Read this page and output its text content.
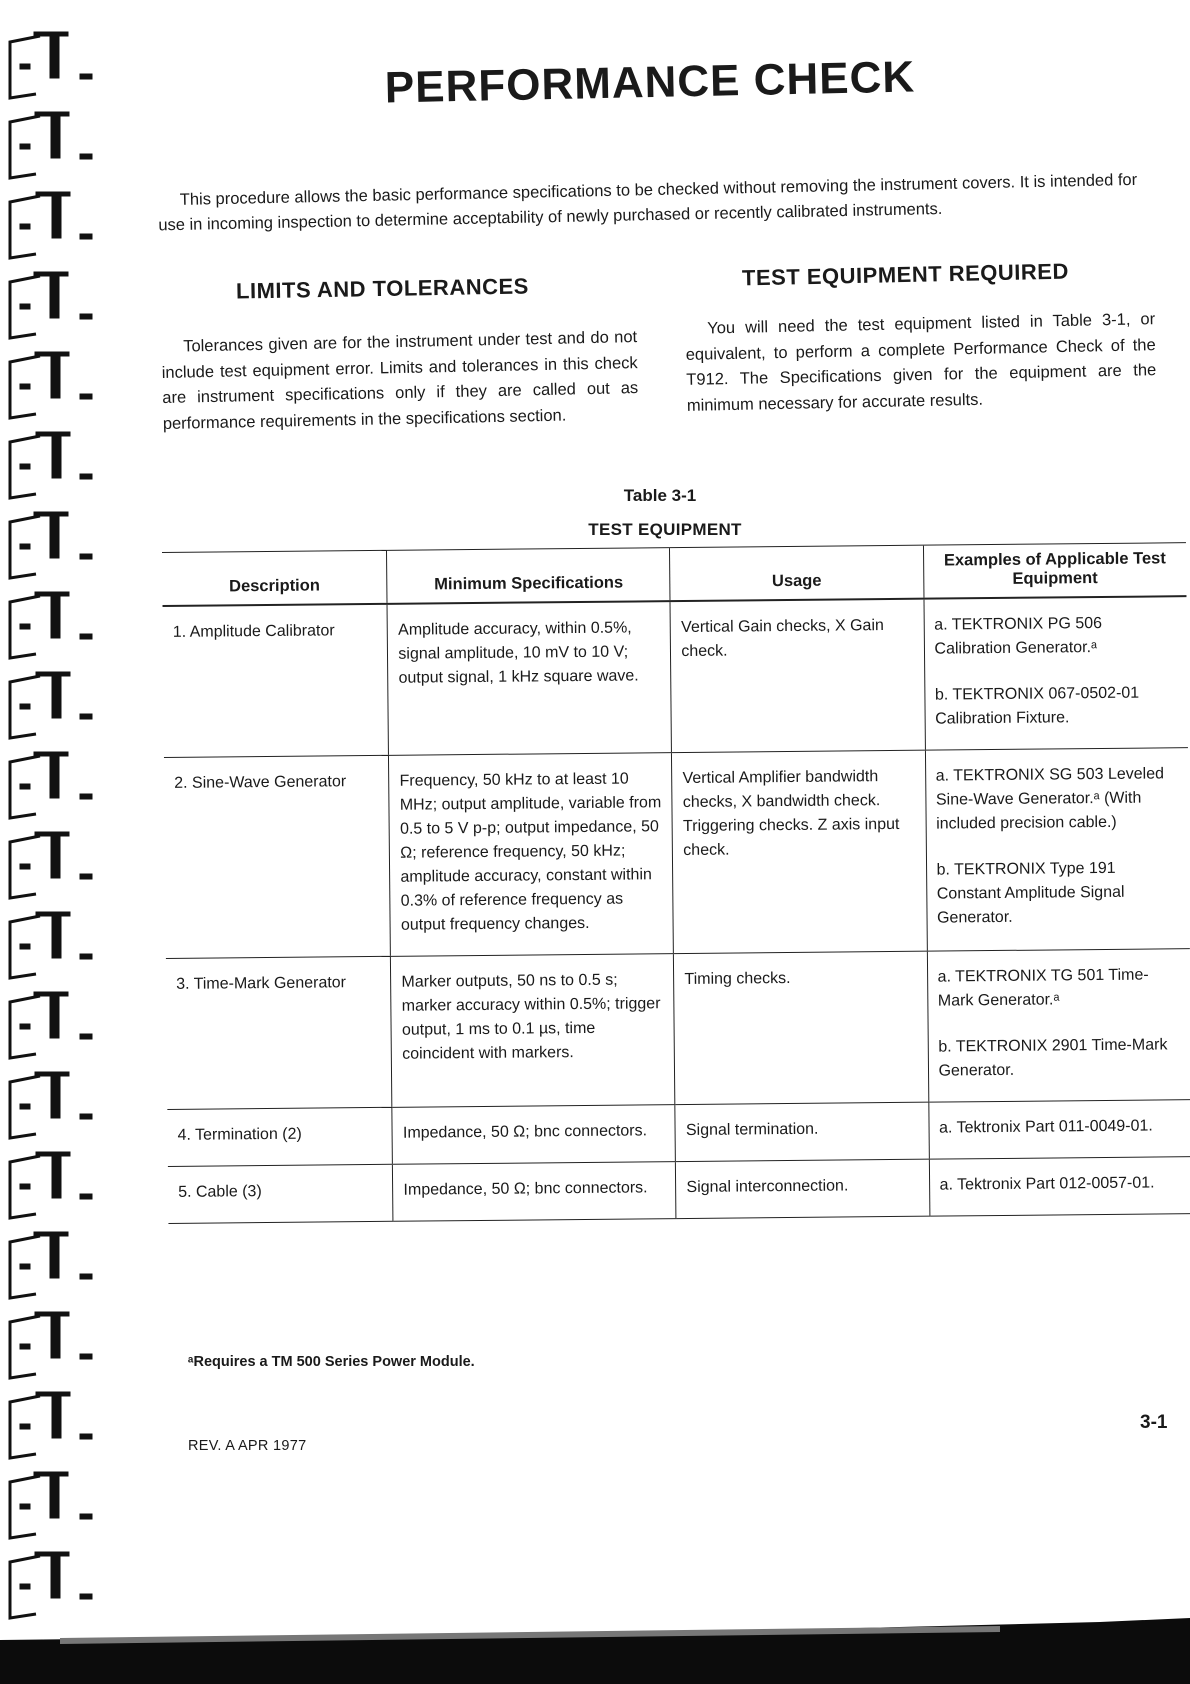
PERFORMANCE CHECK
This procedure allows the basic performance specifications to be checked without removing the instrument covers. It is intended for use in incoming inspection to determine acceptability of newly purchased or recently calibrated instruments.
LIMITS AND TOLERANCES
Tolerances given are for the instrument under test and do not include test equipment error. Limits and tolerances in this check are instrument specifications only if they are called out as performance requirements in the specifications section.
TEST EQUIPMENT REQUIRED
You will need the test equipment listed in Table 3-1, or equivalent, to perform a complete Performance Check of the T912. The Specifications given for the equipment are the minimum necessary for accurate results.
Table 3-1
TEST EQUIPMENT
Description	Minimum Specifications	Usage	Examples of Applicable Test Equipment
1. Amplitude Calibrator	Amplitude accuracy, within 0.5%, signal amplitude, 10 mV to 10 V; output signal, 1 kHz square wave.	Vertical Gain checks, X Gain check.	a. TEKTRONIX PG 506 Calibration Generator.ᵃ
b. TEKTRONIX 067-0502-01 Calibration Fixture.

2. Sine-Wave Generator	Frequency, 50 kHz to at least 10 MHz; output amplitude, variable from 0.5 to 5 V p-p; output impedance, 50 Ω; reference frequency, 50 kHz; amplitude accuracy, constant within 0.3% of reference frequency as output frequency changes.	Vertical Amplifier bandwidth checks, X bandwidth check. Triggering checks. Z axis input check.	a. TEKTRONIX SG 503 Leveled Sine-Wave Generator.ᵃ (With included precision cable.)
b. TEKTRONIX Type 191 Constant Amplitude Signal Generator.

3. Time-Mark Generator	Marker outputs, 50 ns to 0.5 s; marker accuracy within 0.5%; trigger output, 1 ms to 0.1 µs, time coincident with markers.	Timing checks.	a. TEKTRONIX TG 501 Time-Mark Generator.ᵃ
b. TEKTRONIX 2901 Time-Mark Generator.

4. Termination (2)	Impedance, 50 Ω; bnc connectors.	Signal termination.	a. Tektronix Part 011-0049-01.

5. Cable (3)	Impedance, 50 Ω; bnc connectors.	Signal interconnection.	a. Tektronix Part 012-0057-01.
ᵃRequires a TM 500 Series Power Module.
3-1
REV. A APR 1977
